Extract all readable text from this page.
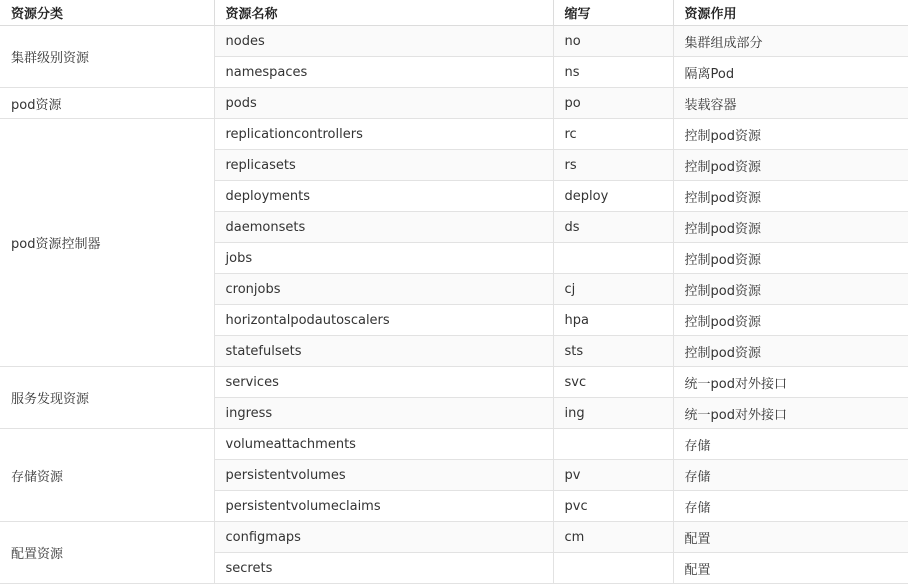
资源分类	资源名称	缩写	资源作用
集群级别资源	nodes	no	集群组成部分
	namespaces	ns	隔离Pod
pod资源	pods	po	装载容器
pod资源控制器	replicationcontrollers	rc	控制pod资源
	replicasets	rs	控制pod资源
	deployments	deploy	控制pod资源
	daemonsets	ds	控制pod资源
	jobs		控制pod资源
	cronjobs	cj	控制pod资源
	horizontalpodautoscalers	hpa	控制pod资源
	statefulsets	sts	控制pod资源
服务发现资源	services	svc	统一pod对外接口
	ingress	ing	统一pod对外接口
存储资源	volumeattachments		存储
	persistentvolumes	pv	存储
	persistentvolumeclaims	pvc	存储
配置资源	configmaps	cm	配置
	secrets		配置
